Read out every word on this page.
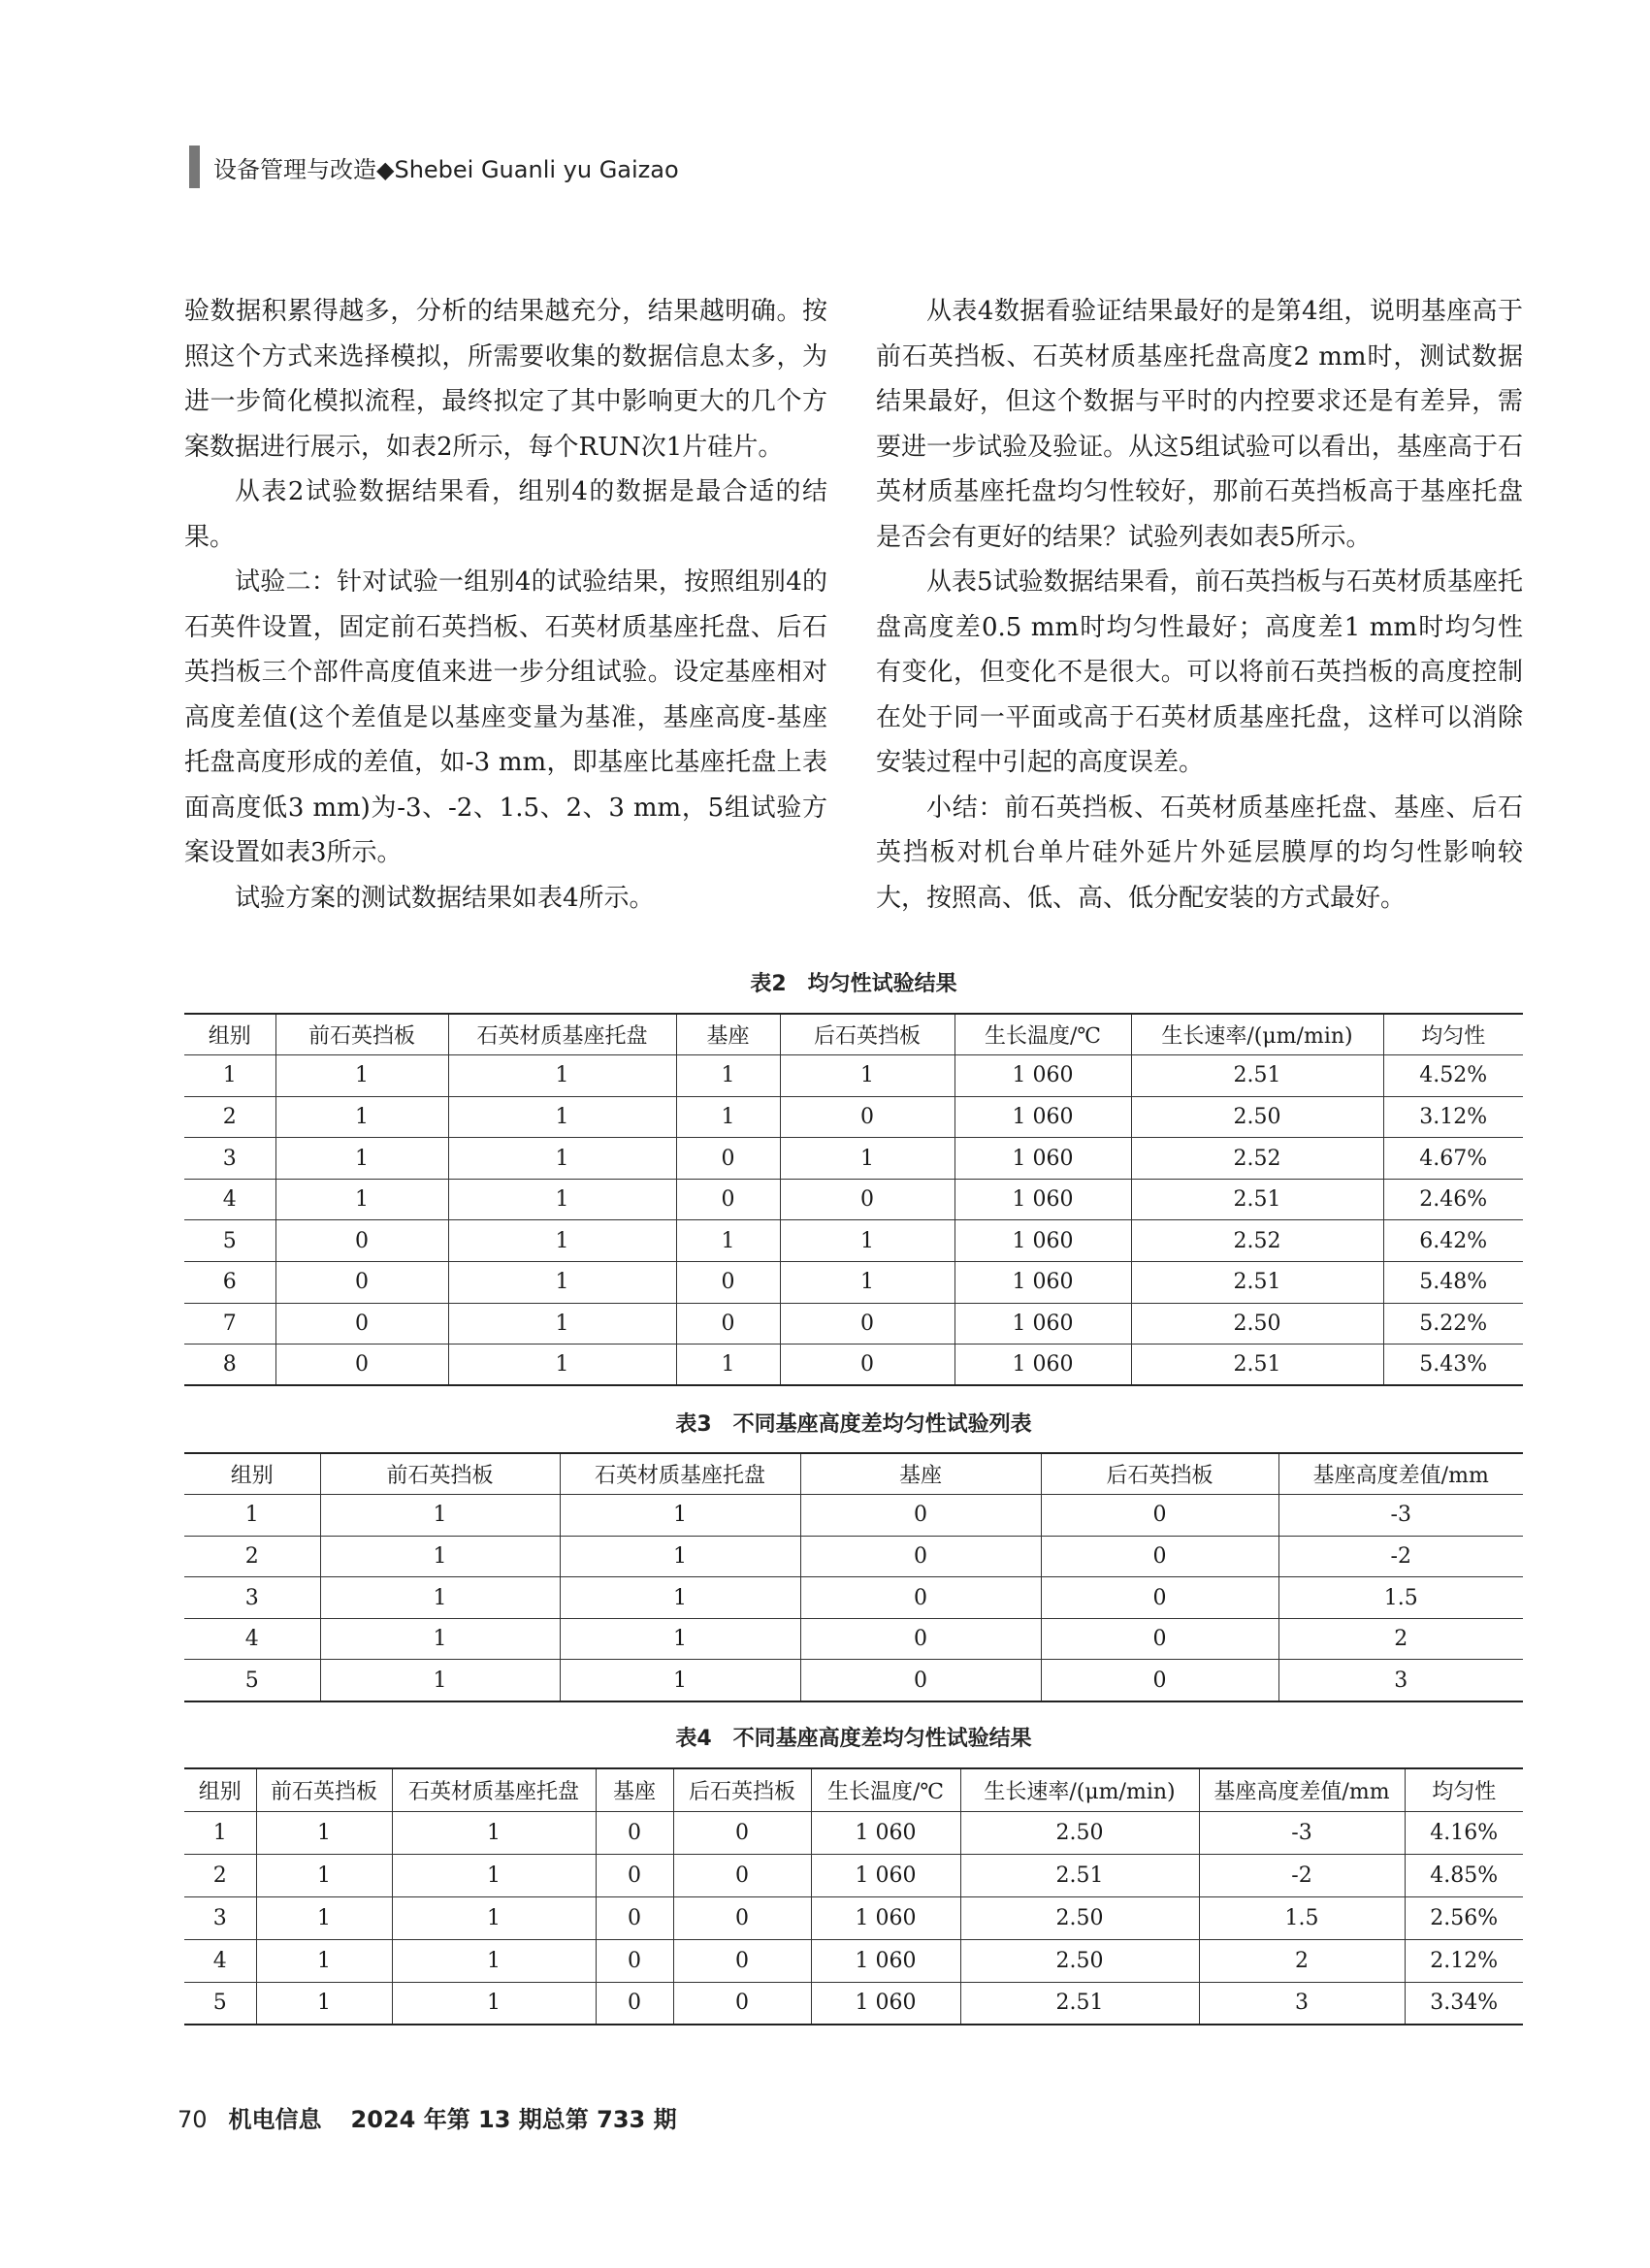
设备管理与改造◆Shebei Guanli yu Gaizao

验数据积累得越多，分析的结果越充分，结果越明确。按照这个方式来选择模拟，所需要收集的数据信息太多，为进一步简化模拟流程，最终拟定了其中影响更大的几个方案数据进行展示，如表2所示，每个RUN次1片硅片。

从表2试验数据结果看，组别4的数据是最合适的结果。

试验二：针对试验一组别4的试验结果，按照组别4的石英件设置，固定前石英挡板、石英材质基座托盘、后石英挡板三个部件高度值来进一步分组试验。设定基座相对高度差值(这个差值是以基座变量为基准，基座高度-基座托盘高度形成的差值，如-3 mm，即基座比基座托盘上表面高度低3 mm)为-3、-2、1.5、2、3 mm，5组试验方案设置如表3所示。

试验方案的测试数据结果如表4所示。

从表4数据看验证结果最好的是第4组，说明基座高于前石英挡板、石英材质基座托盘高度2 mm时，测试数据结果最好，但这个数据与平时的内控要求还是有差异，需要进一步试验及验证。从这5组试验可以看出，基座高于石英材质基座托盘均匀性较好，那前石英挡板高于基座托盘是否会有更好的结果？试验列表如表5所示。

从表5试验数据结果看，前石英挡板与石英材质基座托盘高度差0.5 mm时均匀性最好；高度差1 mm时均匀性有变化，但变化不是很大。可以将前石英挡板的高度控制在处于同一平面或高于石英材质基座托盘，这样可以消除安装过程中引起的高度误差。

小结：前石英挡板、石英材质基座托盘、基座、后石英挡板对机台单片硅外延片外延层膜厚的均匀性影响较大，按照高、低、高、低分配安装的方式最好。

表2　均匀性试验结果
组别	前石英挡板	石英材质基座托盘	基座	后石英挡板	生长温度/℃	生长速率/(μm/min)	均匀性
1	1	1	1	1	1 060	2.51	4.52%
2	1	1	1	0	1 060	2.50	3.12%
3	1	1	0	1	1 060	2.52	4.67%
4	1	1	0	0	1 060	2.51	2.46%
5	0	1	1	1	1 060	2.52	6.42%
6	0	1	0	1	1 060	2.51	5.48%
7	0	1	0	0	1 060	2.50	5.22%
8	0	1	1	0	1 060	2.51	5.43%
表3　不同基座高度差均匀性试验列表
组别	前石英挡板	石英材质基座托盘	基座	后石英挡板	基座高度差值/mm
1	1	1	0	0	-3
2	1	1	0	0	-2
3	1	1	0	0	1.5
4	1	1	0	0	2
5	1	1	0	0	3
表4　不同基座高度差均匀性试验结果
组别	前石英挡板	石英材质基座托盘	基座	后石英挡板	生长温度/℃	生长速率/(μm/min)	基座高度差值/mm	均匀性
1	1	1	0	0	1 060	2.50	-3	4.16%
2	1	1	0	0	1 060	2.51	-2	4.85%
3	1	1	0	0	1 060	2.50	1.5	2.56%
4	1	1	0	0	1 060	2.50	2	2.12%
5	1	1	0	0	1 060	2.51	3	3.34%
70 机电信息 2024 年第 13 期总第 733 期
